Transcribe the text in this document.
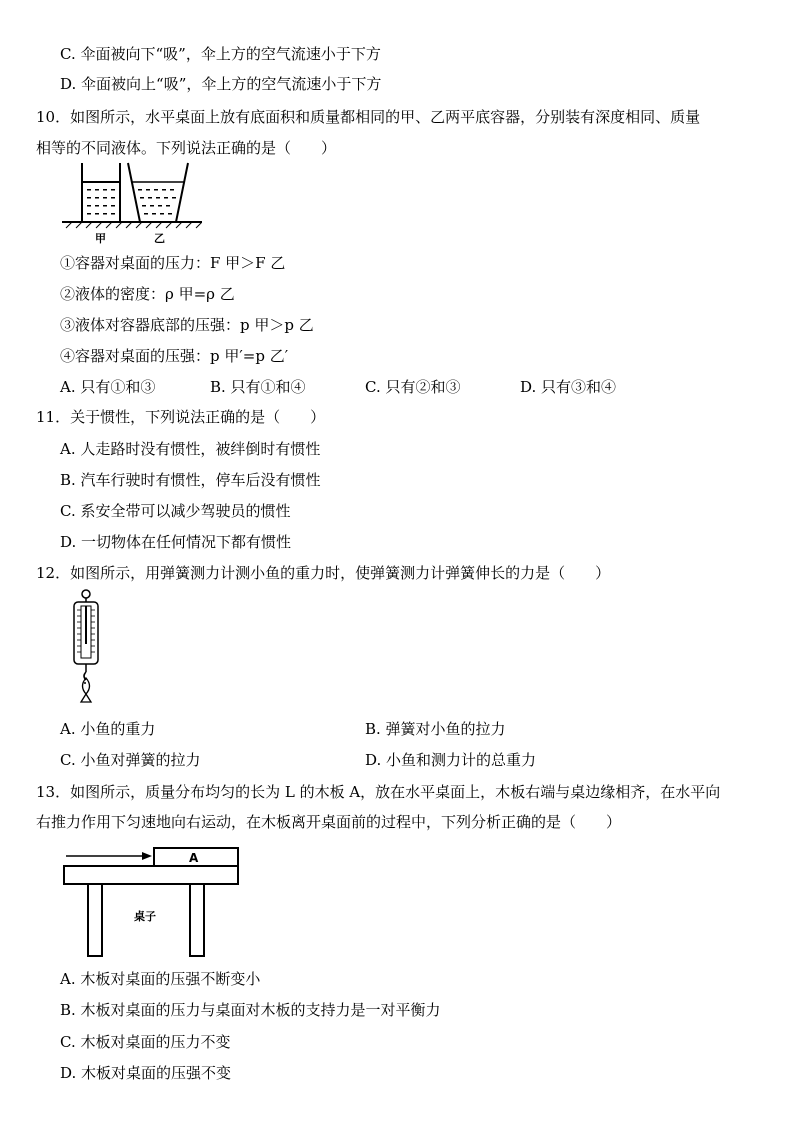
C. 伞面被向下“吸”，伞上方的空气流速小于下方
D. 伞面被向上“吸”，伞上方的空气流速小于下方
10．如图所示，水平桌面上放有底面积和质量都相同的甲、乙两平底容器，分别装有深度相同、质量
相等的不同液体。下列说法正确的是（　　）
甲	乙
①容器对桌面的压力：F 甲＞F 乙
②液体的密度：ρ 甲=ρ 乙
③液体对容器底部的压强：p 甲＞p 乙
④容器对桌面的压强：p 甲′=p 乙′
A. 只有①和③	B. 只有①和④	C. 只有②和③	D. 只有③和④
11．关于惯性，下列说法正确的是（　　）
A. 人走路时没有惯性，被绊倒时有惯性
B. 汽车行驶时有惯性，停车后没有惯性
C. 系安全带可以减少驾驶员的惯性
D. 一切物体在任何情况下都有惯性
12．如图所示，用弹簧测力计测小鱼的重力时，使弹簧测力计弹簧伸长的力是（　　）
A. 小鱼的重力	B. 弹簧对小鱼的拉力
C. 小鱼对弹簧的拉力	D. 小鱼和测力计的总重力
13．如图所示，质量分布均匀的长为 L 的木板 A，放在水平桌面上，木板右端与桌边缘相齐，在水平向
右推力作用下匀速地向右运动，在木板离开桌面前的过程中，下列分析正确的是（　　）
A
桌子
A. 木板对桌面的压强不断变小
B. 木板对桌面的压力与桌面对木板的支持力是一对平衡力
C. 木板对桌面的压力不变
D. 木板对桌面的压强不变
